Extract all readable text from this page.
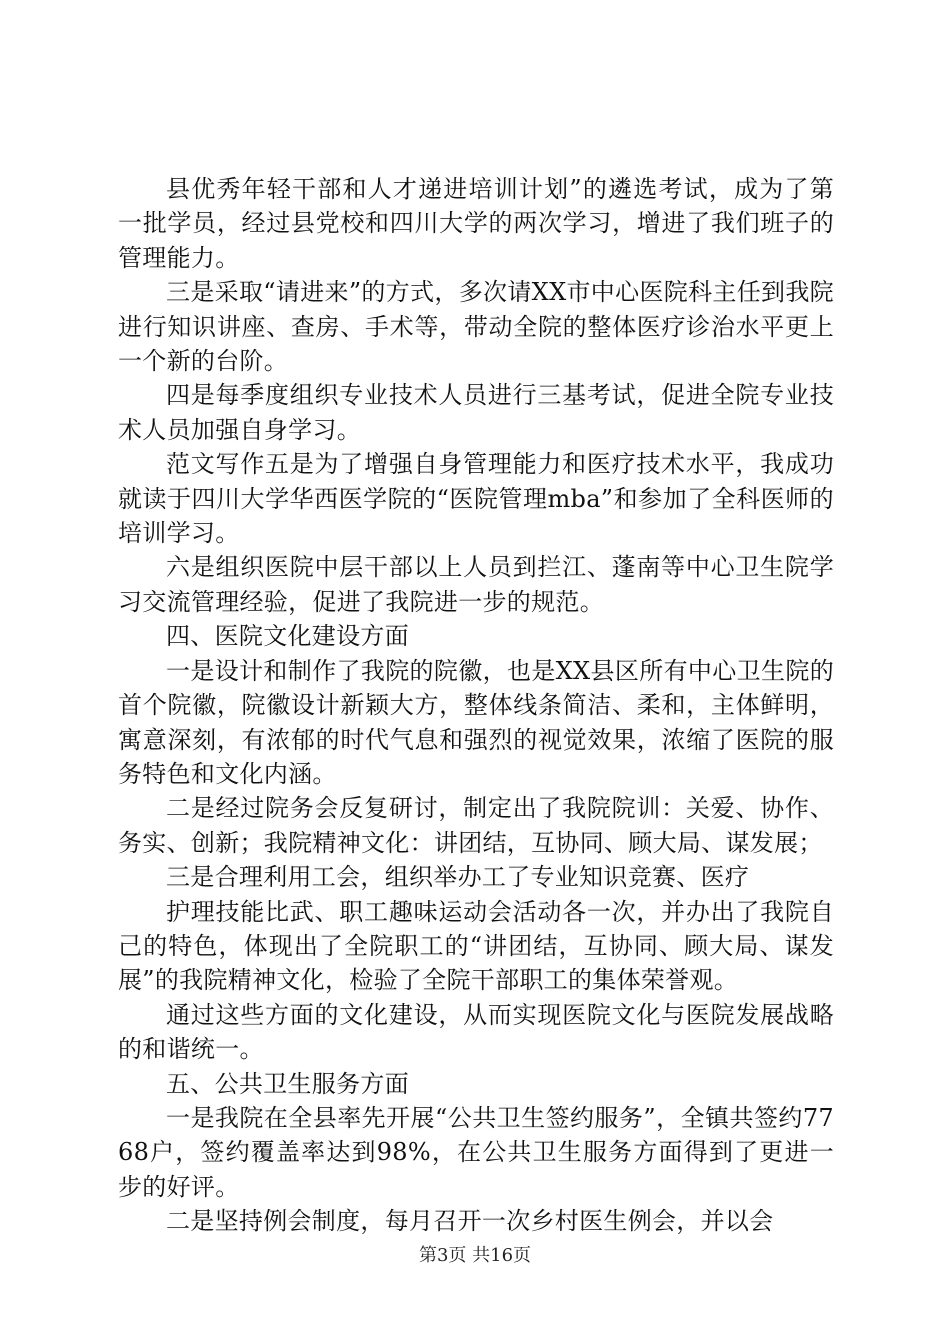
县优秀年轻干部和人才递进培训计划”的遴选考试，成为了第一批学员，经过县党校和四川大学的两次学习，增进了我们班子的管理能力。

三是采取“请进来”的方式，多次请XX市中心医院科主任到我院进行知识讲座、查房、手术等，带动全院的整体医疗诊治水平更上一个新的台阶。

四是每季度组织专业技术人员进行三基考试，促进全院专业技术人员加强自身学习。

范文写作五是为了增强自身管理能力和医疗技术水平，我成功就读于四川大学华西医学院的“医院管理mba”和参加了全科医师的培训学习。

六是组织医院中层干部以上人员到拦江、蓬南等中心卫生院学习交流管理经验，促进了我院进一步的规范。

四、医院文化建设方面

一是设计和制作了我院的院徽，也是XX县区所有中心卫生院的首个院徽，院徽设计新颖大方，整体线条简洁、柔和，主体鲜明，寓意深刻，有浓郁的时代气息和强烈的视觉效果，浓缩了医院的服务特色和文化内涵。

二是经过院务会反复研讨，制定出了我院院训：关爱、协作、务实、创新；我院精神文化：讲团结，互协同、顾大局、谋发展；

三是合理利用工会，组织举办工了专业知识竞赛、医疗

护理技能比武、职工趣味运动会活动各一次，并办出了我院自己的特色，体现出了全院职工的“讲团结，互协同、顾大局、谋发展”的我院精神文化，检验了全院干部职工的集体荣誉观。

通过这些方面的文化建设，从而实现医院文化与医院发展战略的和谐统一。

五、公共卫生服务方面

一是我院在全县率先开展“公共卫生签约服务”，全镇共签约7768户，签约覆盖率达到98%，在公共卫生服务方面得到了更进一步的好评。

二是坚持例会制度，每月召开一次乡村医生例会，并以会

第3页 共16页
